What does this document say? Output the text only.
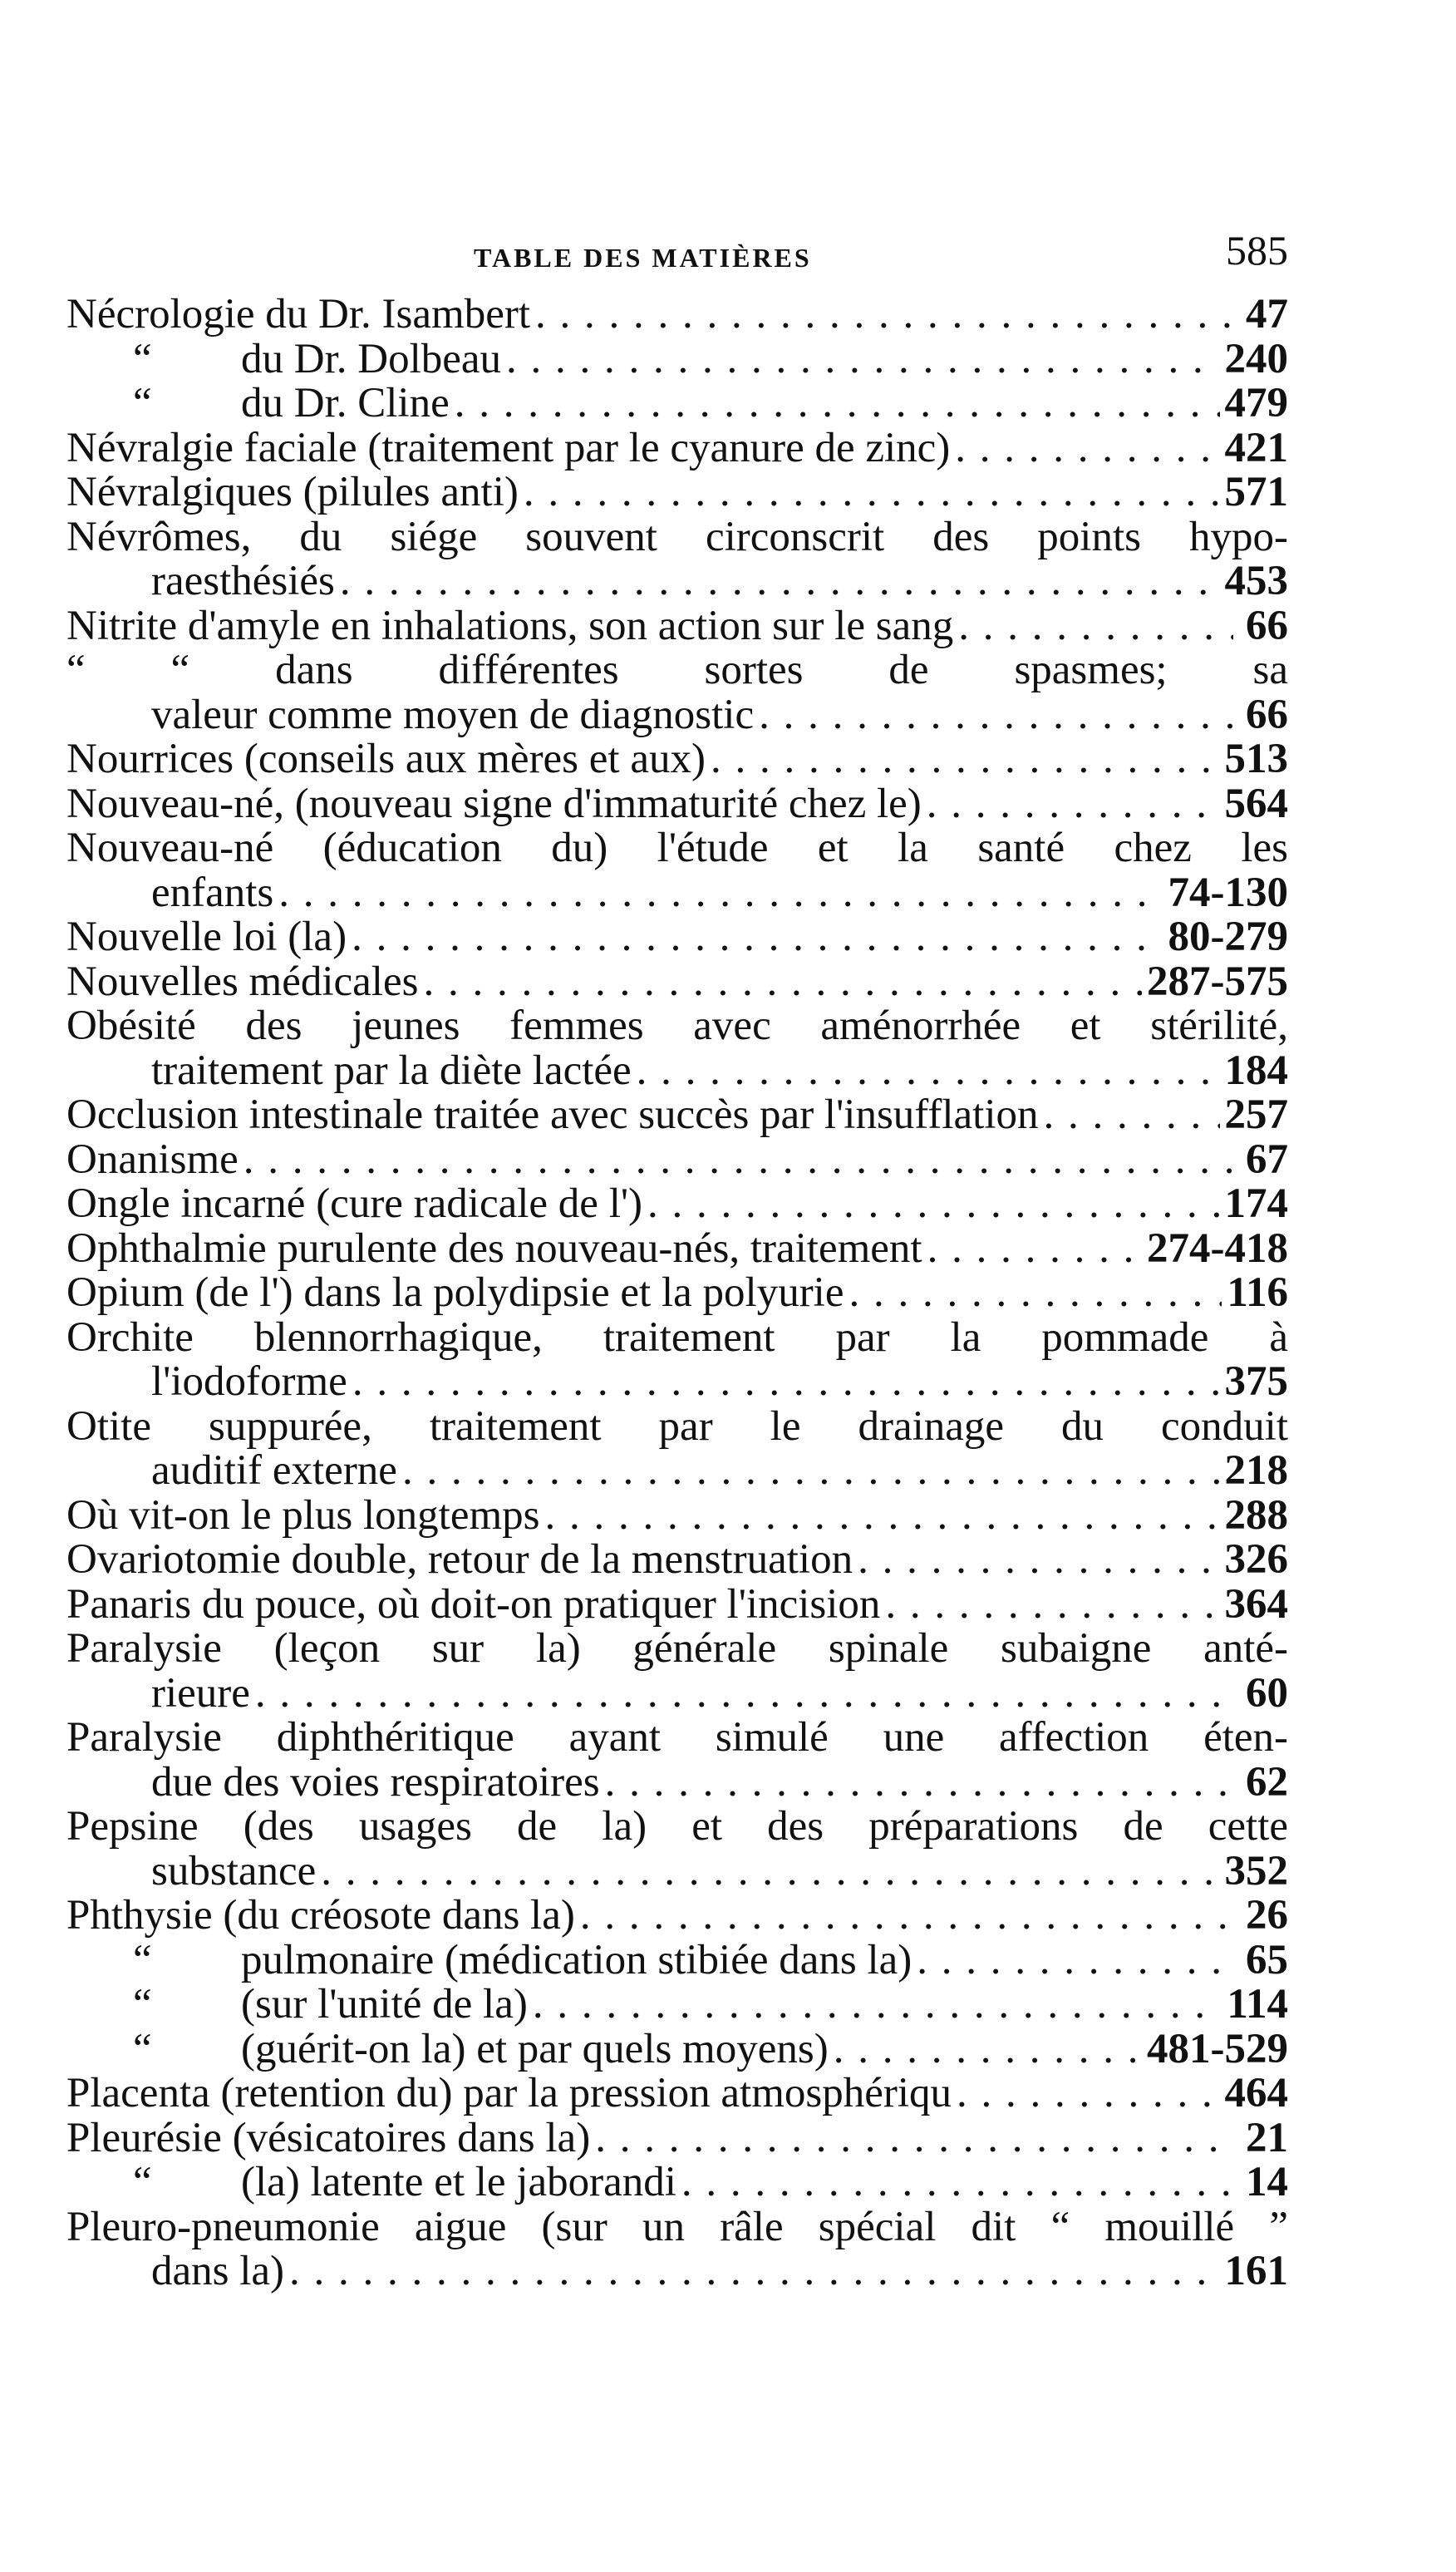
TABLE DES MATIÈRES	585
Nécrologie du Dr. Isambert . . .	47
“	du Dr. Dolbeau . . .	240
“	du Dr. Cline . . .	479
Névralgie faciale (traitement par le cyanure de zinc) . . .	421
Névralgiques (pilules anti) . . .	571
Névrômes, du siége souvent circonscrit des points hypo-
raesthésiés . . .	453
Nitrite d'amyle en inhalations, son action sur le sang . . .	66
“ “ dans différentes sortes de spasmes; sa
valeur comme moyen de diagnostic . . .	66
Nourrices (conseils aux mères et aux) . . .	513
Nouveau-né, (nouveau signe d'immaturité chez le) . . .	564
Nouveau-né (éducation du) l'étude et la santé chez les
enfants . . .	74-130
Nouvelle loi (la) . . .	80-279
Nouvelles médicales . . .	287-575
Obésité des jeunes femmes avec aménorrhée et stérilité,
traitement par la diète lactée . . .	184
Occlusion intestinale traitée avec succès par l'insufflation . . .	257
Onanisme . . .	67
Ongle incarné (cure radicale de l') . . .	174
Ophthalmie purulente des nouveau-nés, traitement . . .	274-418
Opium (de l') dans la polydipsie et la polyurie . . .	116
Orchite blennorrhagique, traitement par la pommade à
l'iodoforme . . .	375
Otite suppurée, traitement par le drainage du conduit
auditif externe . . .	218
Où vit-on le plus longtemps . . .	288
Ovariotomie double, retour de la menstruation . . .	326
Panaris du pouce, où doit-on pratiquer l'incision . . .	364
Paralysie (leçon sur la) générale spinale subaigne anté-
rieure . . .	60
Paralysie diphthéritique ayant simulé une affection éten-
due des voies respiratoires . . .	62
Pepsine (des usages de la) et des préparations de cette
substance . . .	352
Phthysie (du créosote dans la) . . .	26
“	pulmonaire (médication stibiée dans la) . . .	65
“	(sur l'unité de la) . . .	114
“	(guérit-on la) et par quels moyens) . . .	481-529
Placenta (retention du) par la pression atmosphériqu . . .	464
Pleurésie (vésicatoires dans la) . . .	21
“	(la) latente et le jaborandi . . .	14
Pleuro-pneumonie aigue (sur un râle spécial dit “ mouillé ”
dans la) . . .	161
